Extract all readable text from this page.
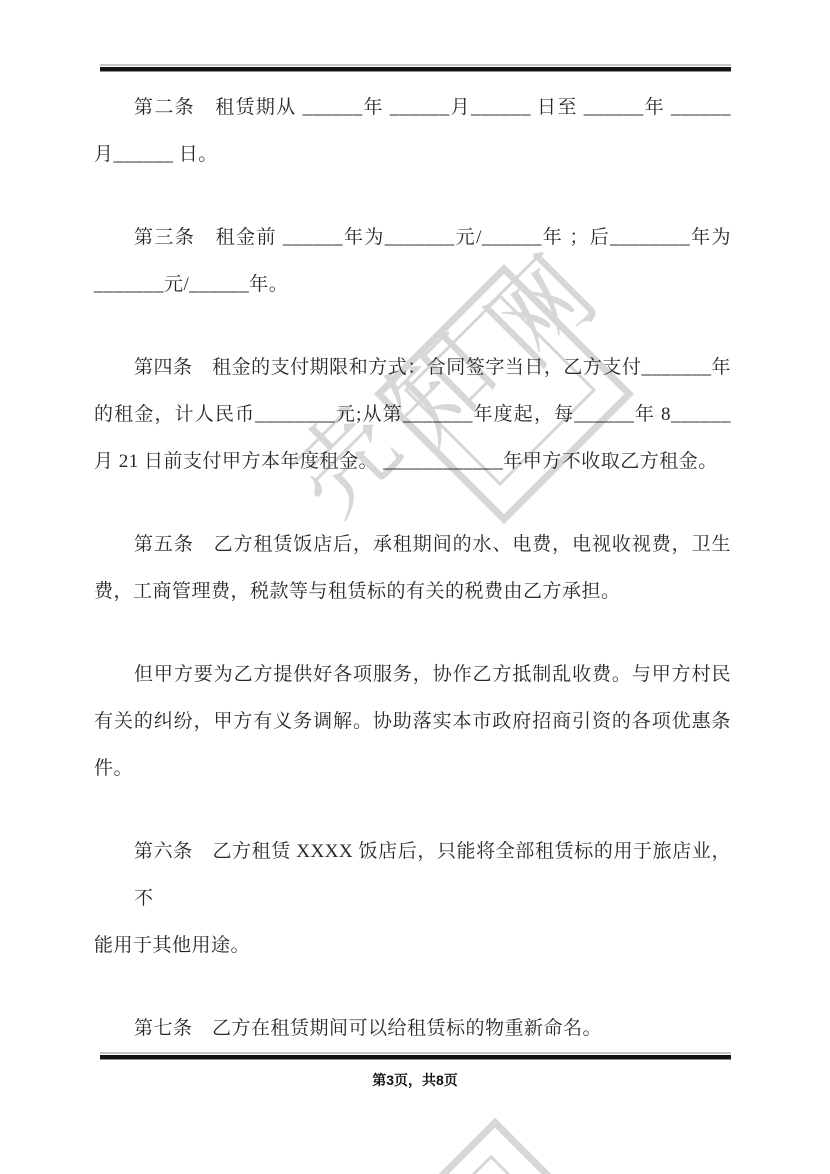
壳
知
网

第二条　租赁期从 ______年 ______月______ 日至 ______年 ______
月______ 日。

第三条　租金前 ______年为_______元/______年 ；后________年为
_______元/______年。

第四条　租金的支付期限和方式：合同签字当日，乙方支付_______年
的租金，计人民币________元;从第_______年度起，每______年 8______
月 21 日前支付甲方本年度租金。 ____________年甲方不收取乙方租金。

第五条　乙方租赁饭店后，承租期间的水、电费，电视收视费，卫生
费，工商管理费，税款等与租赁标的有关的税费由乙方承担。

但甲方要为乙方提供好各项服务，协作乙方抵制乱收费。与甲方村民
有关的纠纷，甲方有义务调解。协助落实本市政府招商引资的各项优惠条
件。

第六条　乙方租赁 XXXX 饭店后，只能将全部租赁标的用于旅店业，不
能用于其他用途。

第七条　乙方在租赁期间可以给租赁标的物重新命名。

第3页，共8页
